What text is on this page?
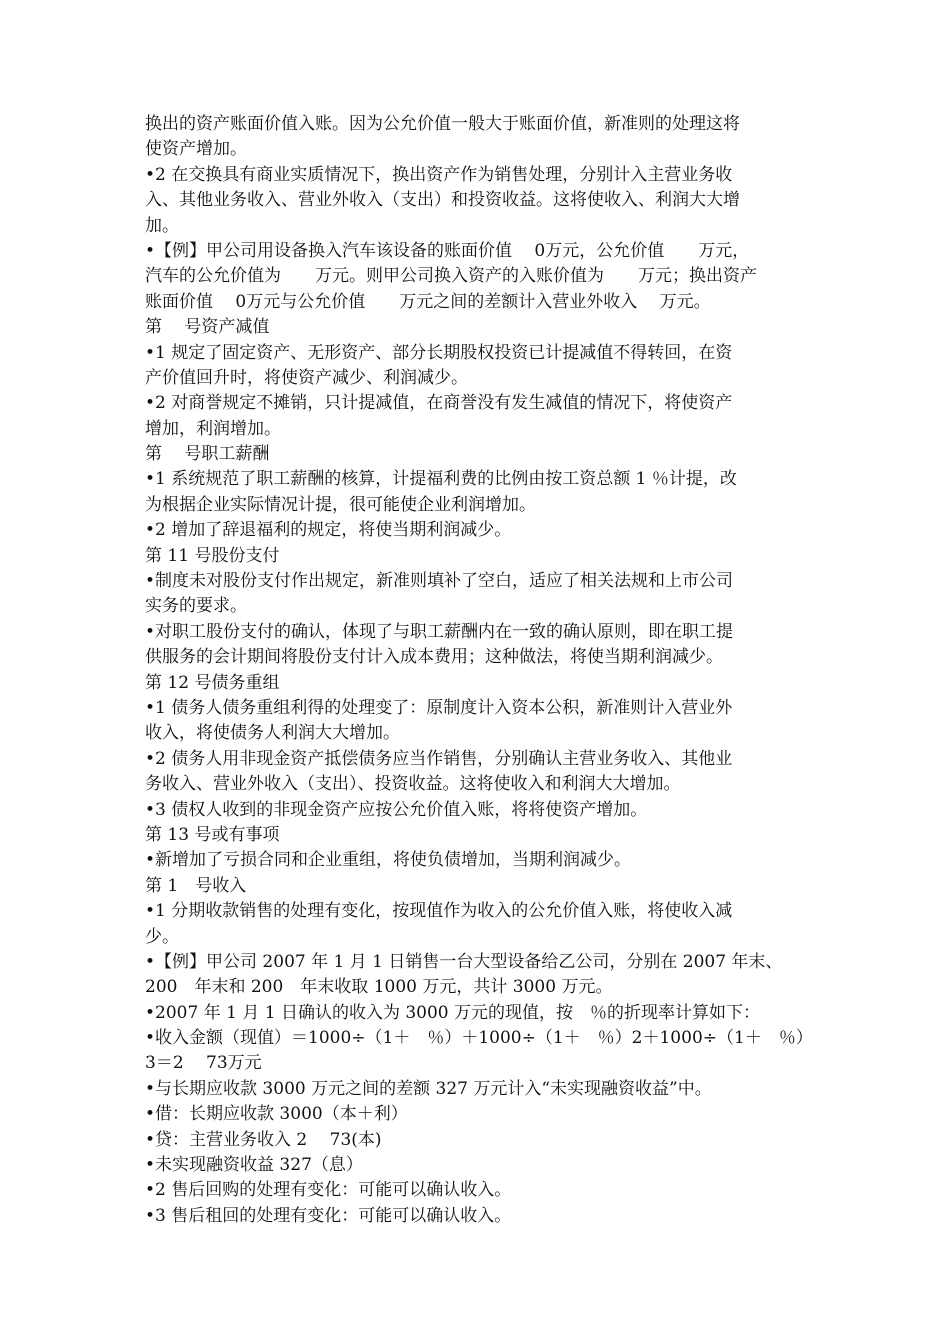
换出的资产账面价值入账。因为公允价值一般大于账面价值，新准则的处理这将
使资产增加。
•2 在交换具有商业实质情况下，换出资产作为销售处理，分别计入主营业务收
入、其他业务收入、营业外收入（支出）和投资收益。这将使收入、利润大大增
加。
•【例】甲公司用设备换入汽车该设备的账面价值　 0万元，公允价值　　万元，
汽车的公允价值为　　万元。则甲公司换入资产的入账价值为　　万元；换出资产
账面价值　 0万元与公允价值　　万元之间的差额计入营业外收入　 万元。
第　 号资产减值
•1 规定了固定资产、无形资产、部分长期股权投资已计提减值不得转回，在资
产价值回升时，将使资产减少、利润减少。
•2 对商誉规定不摊销，只计提减值，在商誉没有发生减值的情况下，将使资产
增加，利润增加。
第　 号职工薪酬
•1 系统规范了职工薪酬的核算，计提福利费的比例由按工资总额 1 ％计提，改
为根据企业实际情况计提，很可能使企业利润增加。
•2 增加了辞退福利的规定，将使当期利润减少。
第 11 号股份支付
•制度未对股份支付作出规定，新准则填补了空白，适应了相关法规和上市公司
实务的要求。
•对职工股份支付的确认，体现了与职工薪酬内在一致的确认原则，即在职工提
供服务的会计期间将股份支付计入成本费用；这种做法，将使当期利润减少。
第 12 号债务重组
•1 债务人债务重组利得的处理变了：原制度计入资本公积，新准则计入营业外
收入，将使债务人利润大大增加。
•2 债务人用非现金资产抵偿债务应当作销售，分别确认主营业务收入、其他业
务收入、营业外收入（支出）、投资收益。这将使收入和利润大大增加。
•3 债权人收到的非现金资产应按公允价值入账，将将使资产增加。
第 13 号或有事项
•新增加了亏损合同和企业重组，将使负债增加，当期利润减少。
第 1　号收入
•1 分期收款销售的处理有变化，按现值作为收入的公允价值入账，将使收入减
少。
•【例】甲公司 2007 年 1 月 1 日销售一台大型设备给乙公司，分别在 2007 年末、
200　年末和 200　年末收取 1000 万元，共计 3000 万元。
•2007 年 1 月 1 日确认的收入为 3000 万元的现值，按　％的折现率计算如下：
•收入金额（现值）＝1000÷（1＋　％）＋1000÷（1＋　％）2＋1000÷（1＋　％）
3＝2　 73万元
•与长期应收款 3000 万元之间的差额 327 万元计入“未实现融资收益”中。
•借：长期应收款 3000（本＋利）
•贷：主营业务收入 2　 73(本)
•未实现融资收益 327（息）
•2 售后回购的处理有变化：可能可以确认收入。
•3 售后租回的处理有变化：可能可以确认收入。
